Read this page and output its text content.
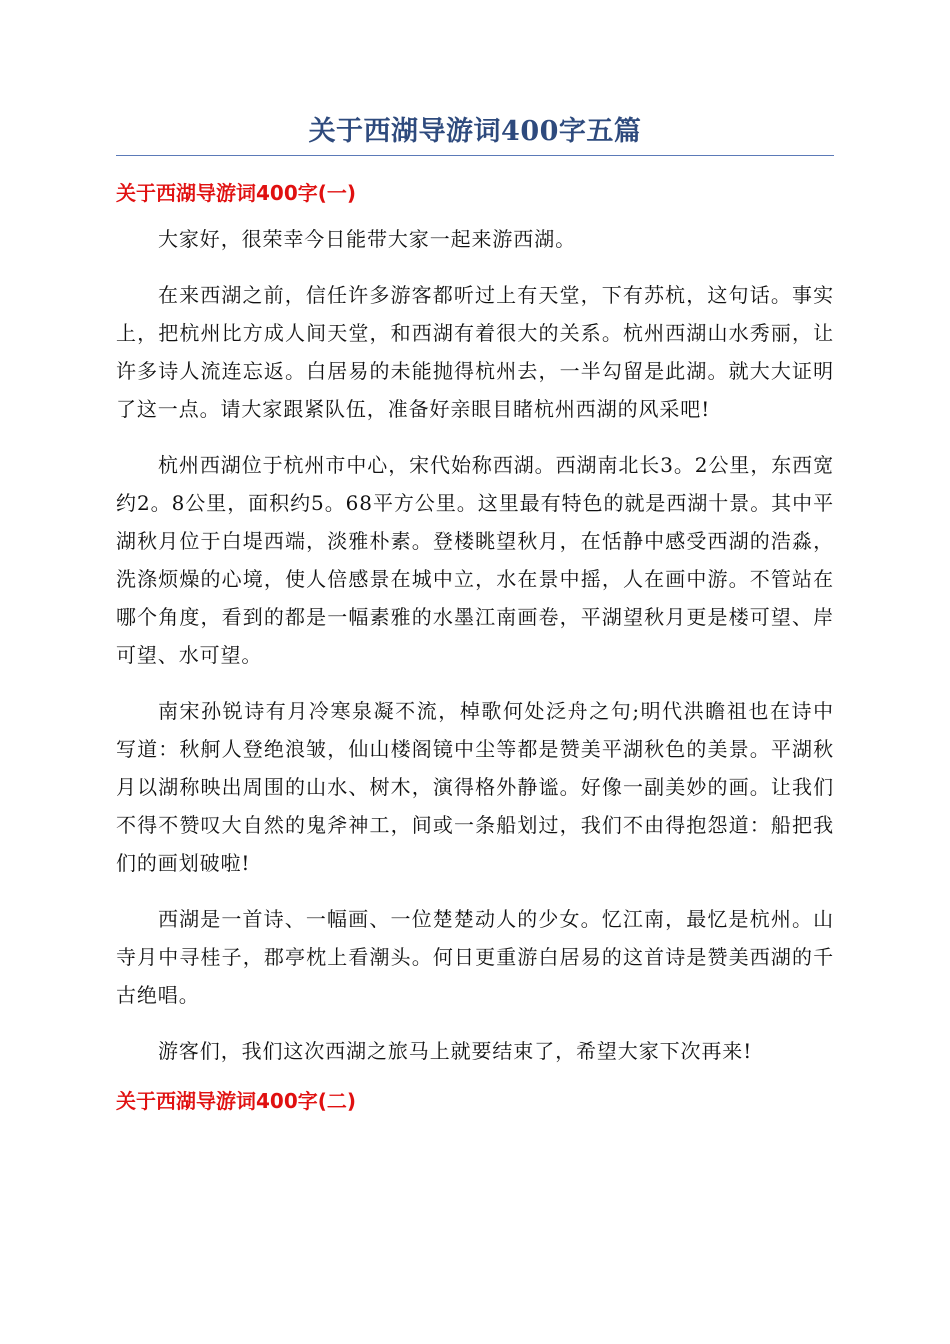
关于西湖导游词400字五篇
关于西湖导游词400字(一)

大家好，很荣幸今日能带大家一起来游西湖。

在来西湖之前，信任许多游客都听过上有天堂，下有苏杭，这句话。事实上，把杭州比方成人间天堂，和西湖有着很大的关系。杭州西湖山水秀丽，让许多诗人流连忘返。白居易的未能抛得杭州去，一半勾留是此湖。就大大证明了这一点。请大家跟紧队伍，准备好亲眼目睹杭州西湖的风采吧!

杭州西湖位于杭州市中心，宋代始称西湖。西湖南北长3。2公里，东西宽约2。8公里，面积约5。68平方公里。这里最有特色的就是西湖十景。其中平湖秋月位于白堤西端，淡雅朴素。登楼眺望秋月，在恬静中感受西湖的浩淼，洗涤烦燥的心境，使人倍感景在城中立，水在景中摇，人在画中游。不管站在哪个角度，看到的都是一幅素雅的水墨江南画卷，平湖望秋月更是楼可望、岸可望、水可望。

南宋孙锐诗有月冷寒泉凝不流，棹歌何处泛舟之句;明代洪瞻祖也在诗中写道：秋舸人登绝浪皱，仙山楼阁镜中尘等都是赞美平湖秋色的美景。平湖秋月以湖称映出周围的山水、树木，演得格外静谧。好像一副美妙的画。让我们不得不赞叹大自然的鬼斧神工，间或一条船划过，我们不由得抱怨道：船把我们的画划破啦!

西湖是一首诗、一幅画、一位楚楚动人的少女。忆江南，最忆是杭州。山寺月中寻桂子，郡亭枕上看潮头。何日更重游白居易的这首诗是赞美西湖的千古绝唱。

游客们，我们这次西湖之旅马上就要结束了，希望大家下次再来!

关于西湖导游词400字(二)
